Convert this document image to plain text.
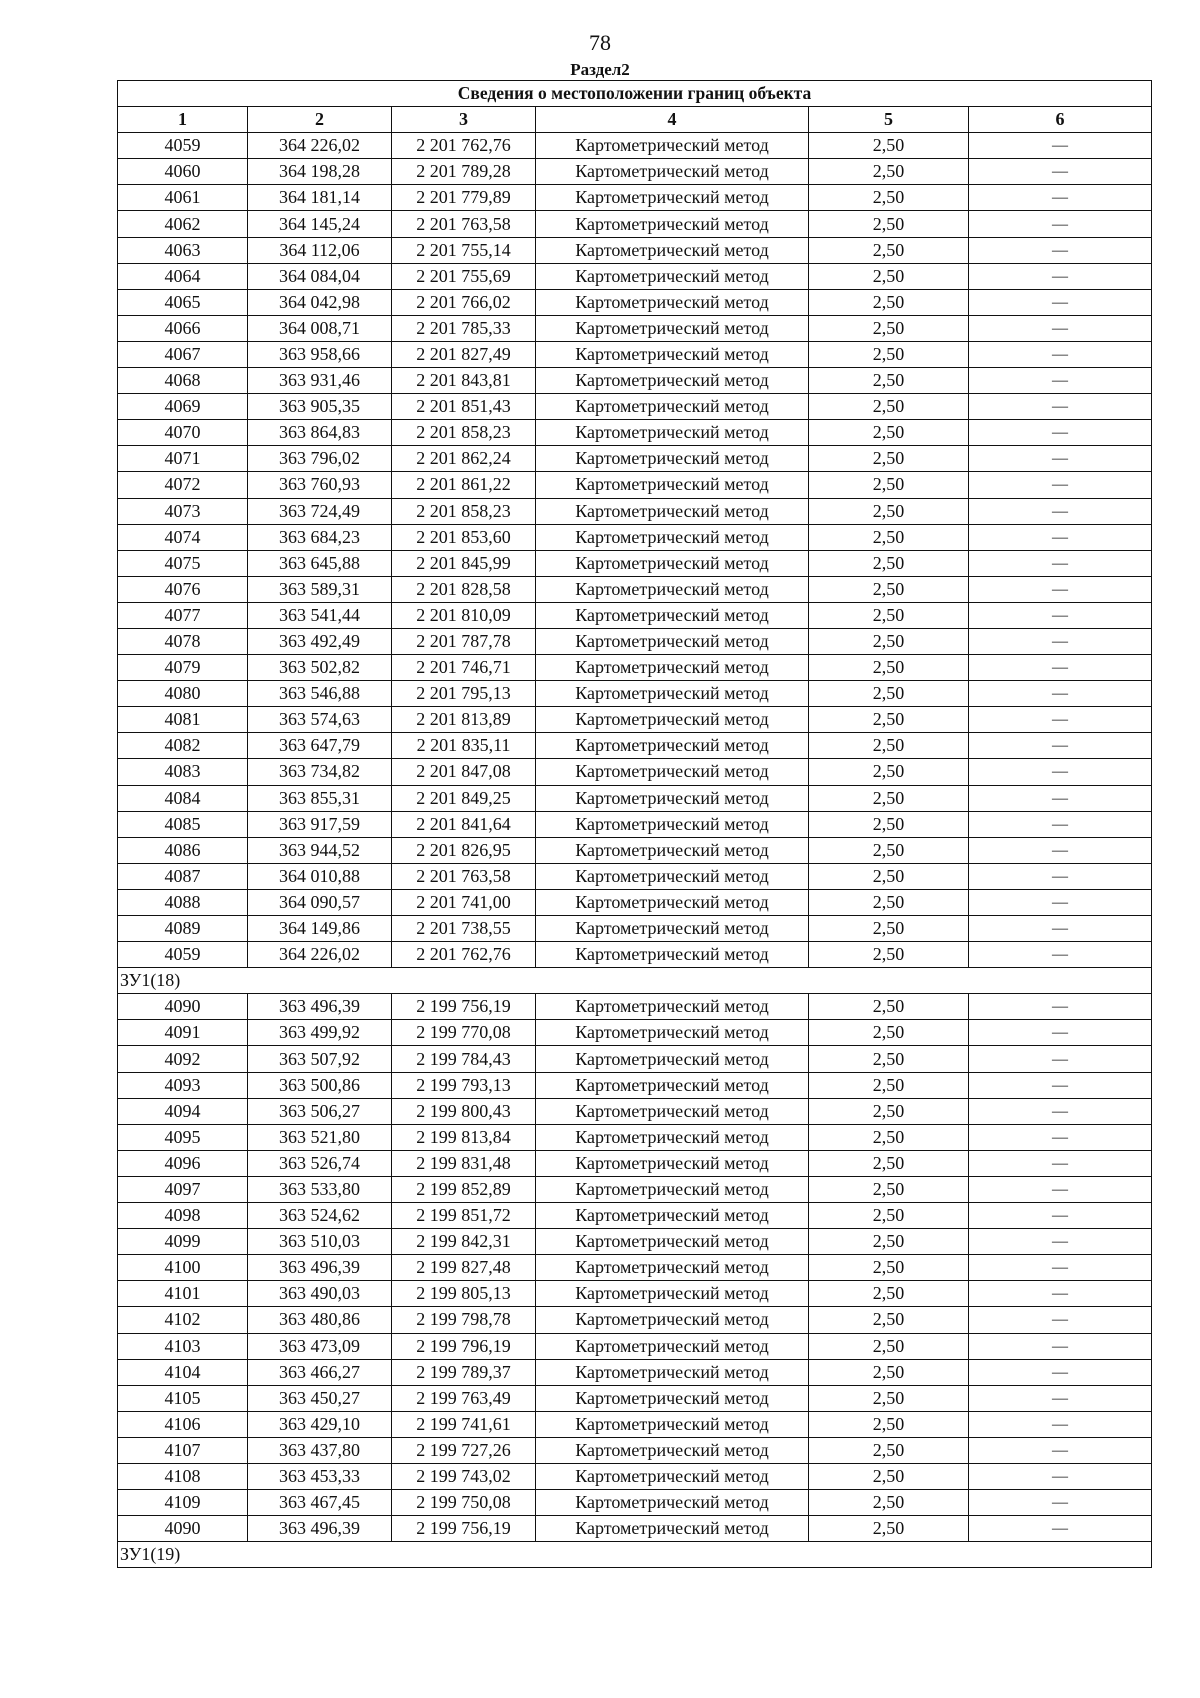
78
Раздел2
Сведения о местоположении границ объекта					
1	2	3	4	5	6
4059	364 226,02	2 201 762,76	Картометрический метод	2,50	—
4060	364 198,28	2 201 789,28	Картометрический метод	2,50	—
4061	364 181,14	2 201 779,89	Картометрический метод	2,50	—
4062	364 145,24	2 201 763,58	Картометрический метод	2,50	—
4063	364 112,06	2 201 755,14	Картометрический метод	2,50	—
4064	364 084,04	2 201 755,69	Картометрический метод	2,50	—
4065	364 042,98	2 201 766,02	Картометрический метод	2,50	—
4066	364 008,71	2 201 785,33	Картометрический метод	2,50	—
4067	363 958,66	2 201 827,49	Картометрический метод	2,50	—
4068	363 931,46	2 201 843,81	Картометрический метод	2,50	—
4069	363 905,35	2 201 851,43	Картометрический метод	2,50	—
4070	363 864,83	2 201 858,23	Картометрический метод	2,50	—
4071	363 796,02	2 201 862,24	Картометрический метод	2,50	—
4072	363 760,93	2 201 861,22	Картометрический метод	2,50	—
4073	363 724,49	2 201 858,23	Картометрический метод	2,50	—
4074	363 684,23	2 201 853,60	Картометрический метод	2,50	—
4075	363 645,88	2 201 845,99	Картометрический метод	2,50	—
4076	363 589,31	2 201 828,58	Картометрический метод	2,50	—
4077	363 541,44	2 201 810,09	Картометрический метод	2,50	—
4078	363 492,49	2 201 787,78	Картометрический метод	2,50	—
4079	363 502,82	2 201 746,71	Картометрический метод	2,50	—
4080	363 546,88	2 201 795,13	Картометрический метод	2,50	—
4081	363 574,63	2 201 813,89	Картометрический метод	2,50	—
4082	363 647,79	2 201 835,11	Картометрический метод	2,50	—
4083	363 734,82	2 201 847,08	Картометрический метод	2,50	—
4084	363 855,31	2 201 849,25	Картометрический метод	2,50	—
4085	363 917,59	2 201 841,64	Картометрический метод	2,50	—
4086	363 944,52	2 201 826,95	Картометрический метод	2,50	—
4087	364 010,88	2 201 763,58	Картометрический метод	2,50	—
4088	364 090,57	2 201 741,00	Картометрический метод	2,50	—
4089	364 149,86	2 201 738,55	Картометрический метод	2,50	—
4059	364 226,02	2 201 762,76	Картометрический метод	2,50	—
ЗУ1(18)					
4090	363 496,39	2 199 756,19	Картометрический метод	2,50	—
4091	363 499,92	2 199 770,08	Картометрический метод	2,50	—
4092	363 507,92	2 199 784,43	Картометрический метод	2,50	—
4093	363 500,86	2 199 793,13	Картометрический метод	2,50	—
4094	363 506,27	2 199 800,43	Картометрический метод	2,50	—
4095	363 521,80	2 199 813,84	Картометрический метод	2,50	—
4096	363 526,74	2 199 831,48	Картометрический метод	2,50	—
4097	363 533,80	2 199 852,89	Картометрический метод	2,50	—
4098	363 524,62	2 199 851,72	Картометрический метод	2,50	—
4099	363 510,03	2 199 842,31	Картометрический метод	2,50	—
4100	363 496,39	2 199 827,48	Картометрический метод	2,50	—
4101	363 490,03	2 199 805,13	Картометрический метод	2,50	—
4102	363 480,86	2 199 798,78	Картометрический метод	2,50	—
4103	363 473,09	2 199 796,19	Картометрический метод	2,50	—
4104	363 466,27	2 199 789,37	Картометрический метод	2,50	—
4105	363 450,27	2 199 763,49	Картометрический метод	2,50	—
4106	363 429,10	2 199 741,61	Картометрический метод	2,50	—
4107	363 437,80	2 199 727,26	Картометрический метод	2,50	—
4108	363 453,33	2 199 743,02	Картометрический метод	2,50	—
4109	363 467,45	2 199 750,08	Картометрический метод	2,50	—
4090	363 496,39	2 199 756,19	Картометрический метод	2,50	—
ЗУ1(19)					
